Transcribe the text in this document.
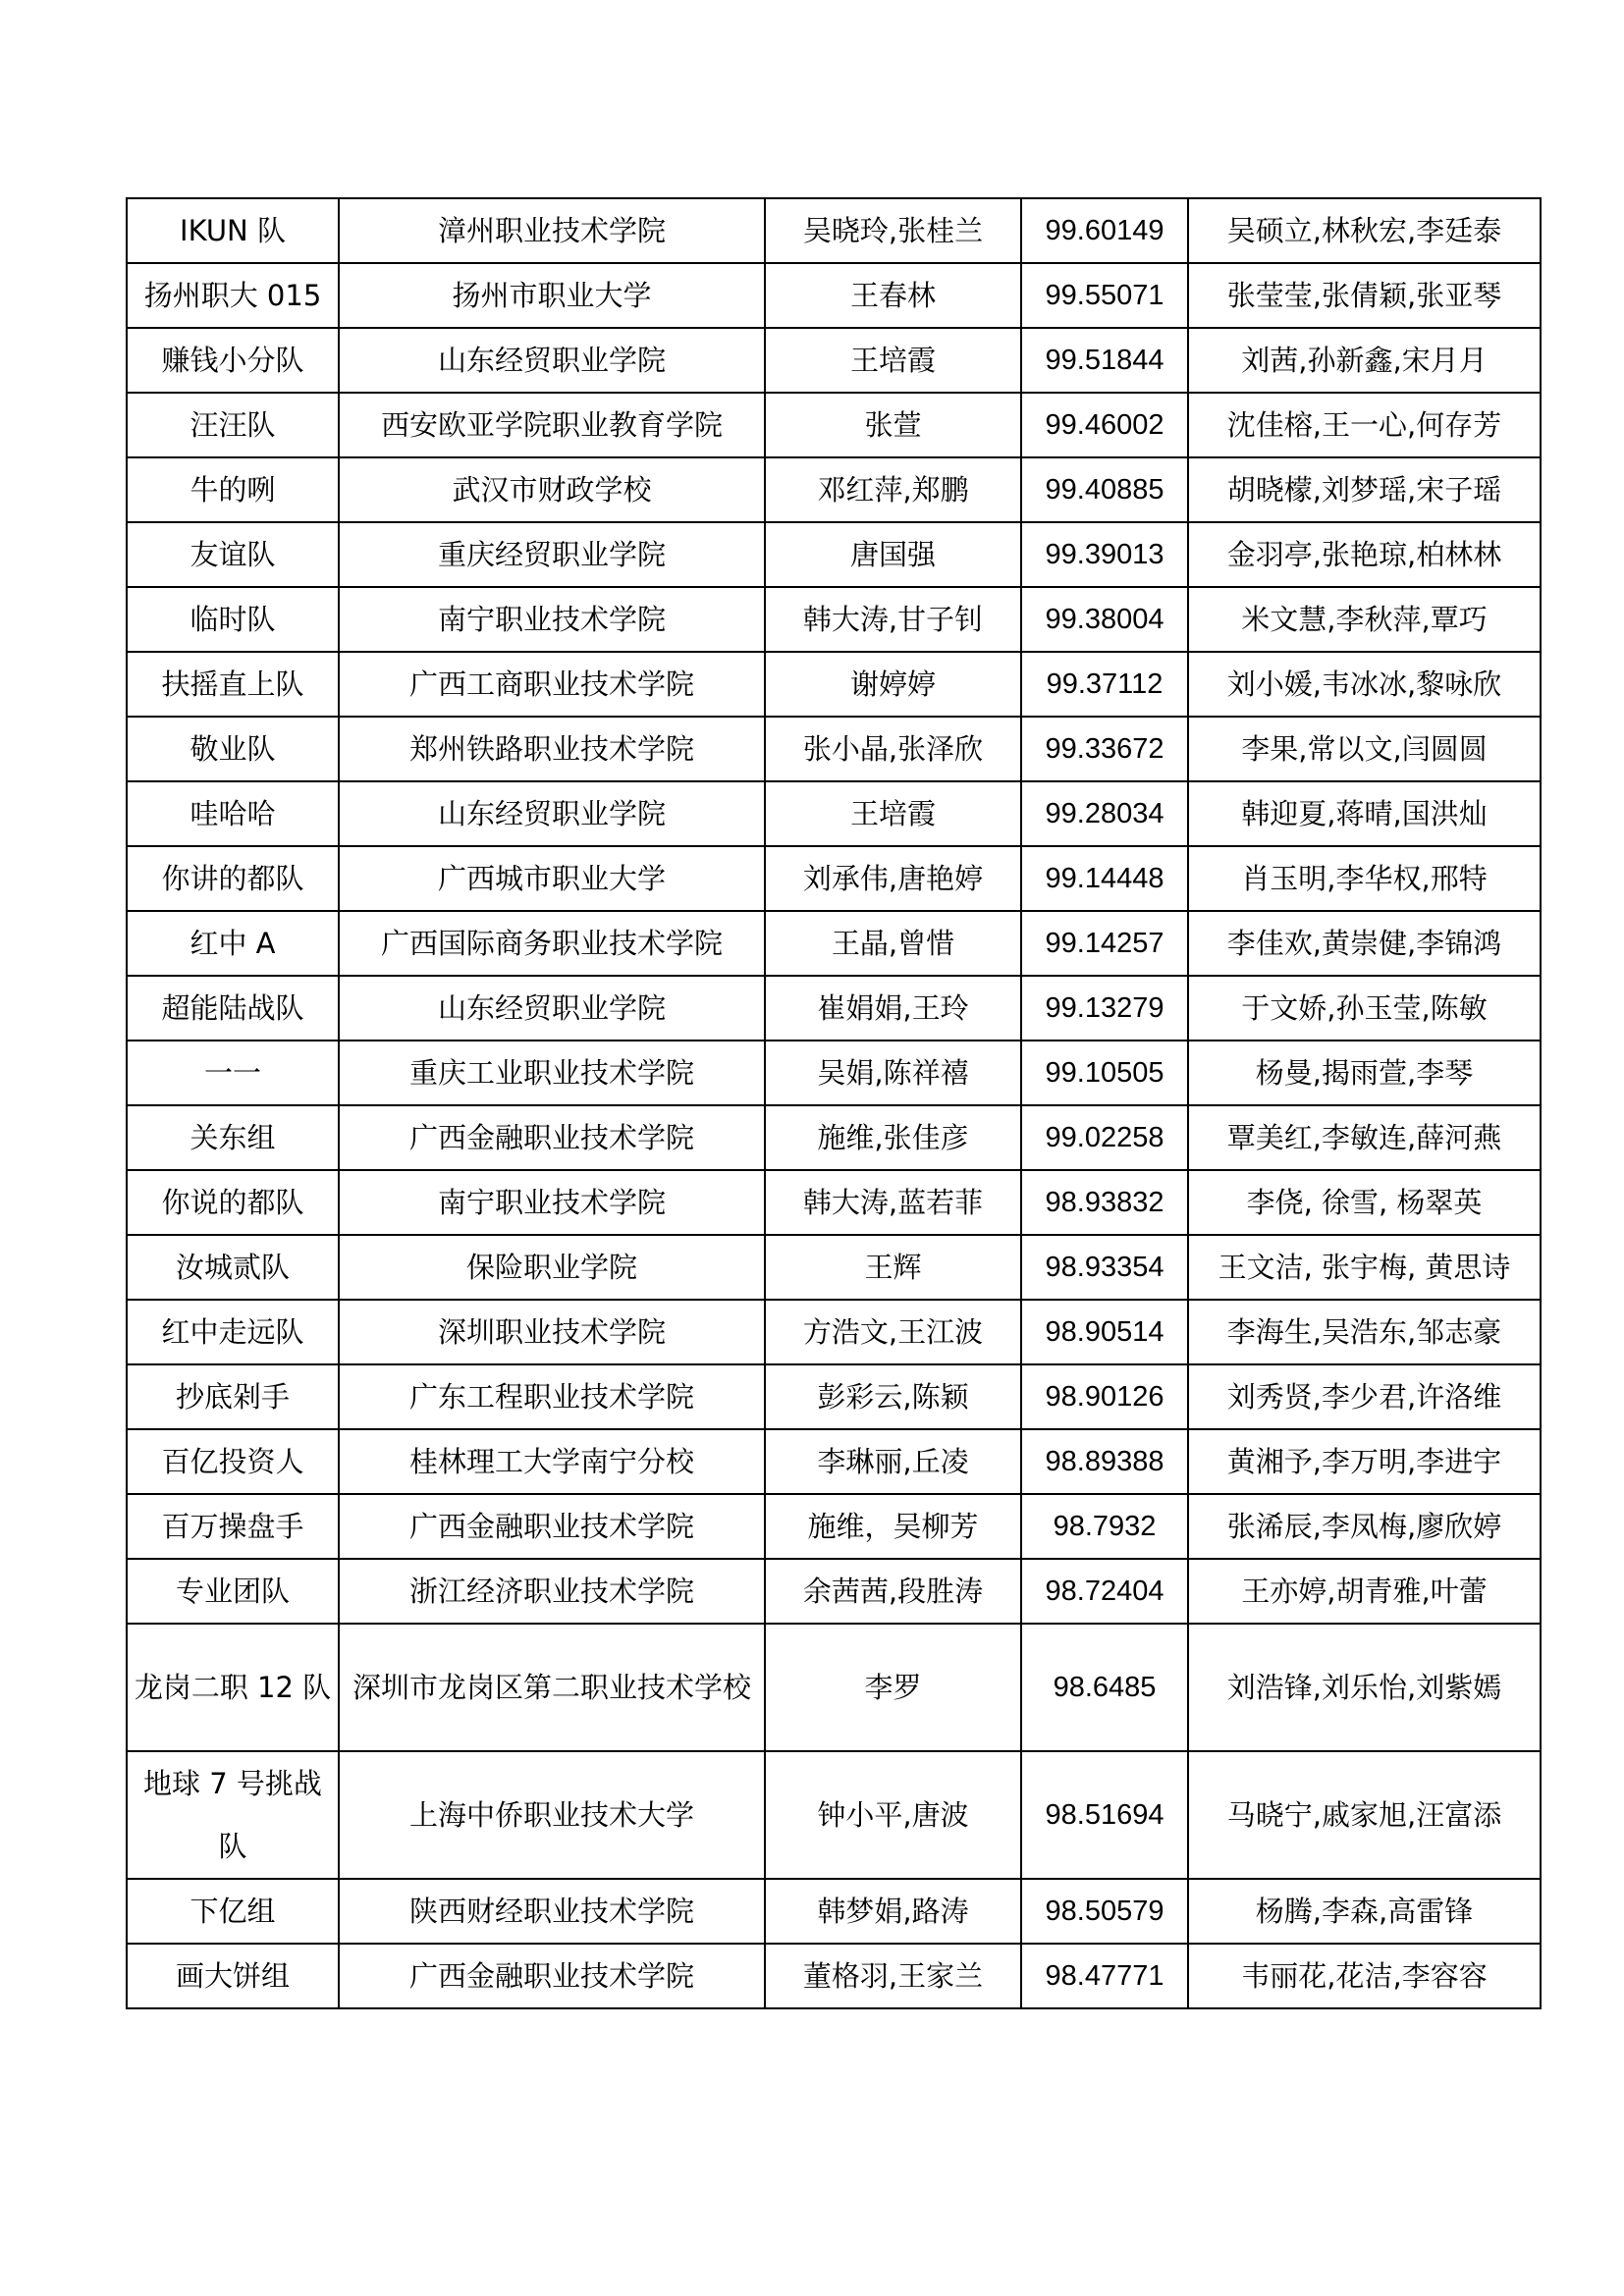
IKUN 队	漳州职业技术学院	吴晓玲,张桂兰	99.60149	吴硕立,林秋宏,李廷泰
扬州职大 015	扬州市职业大学	王春林	99.55071	张莹莹,张倩颖,张亚琴
赚钱小分队	山东经贸职业学院	王培霞	99.51844	刘茜,孙新鑫,宋月月
汪汪队	西安欧亚学院职业教育学院	张萱	99.46002	沈佳榕,王一心,何存芳
牛的咧	武汉市财政学校	邓红萍,郑鹏	99.40885	胡晓檬,刘梦瑶,宋子瑶
友谊队	重庆经贸职业学院	唐国强	99.39013	金羽亭,张艳琼,柏林林
临时队	南宁职业技术学院	韩大涛,甘子钊	99.38004	米文慧,李秋萍,覃巧
扶摇直上队	广西工商职业技术学院	谢婷婷	99.37112	刘小媛,韦冰冰,黎咏欣
敬业队	郑州铁路职业技术学院	张小晶,张泽欣	99.33672	李果,常以文,闫圆圆
哇哈哈	山东经贸职业学院	王培霞	99.28034	韩迎夏,蒋晴,国洪灿
你讲的都队	广西城市职业大学	刘承伟,唐艳婷	99.14448	肖玉明,李华权,邢特
红中 A	广西国际商务职业技术学院	王晶,曾惜	99.14257	李佳欢,黄崇健,李锦鸿
超能陆战队	山东经贸职业学院	崔娟娟,王玲	99.13279	于文娇,孙玉莹,陈敏
一一	重庆工业职业技术学院	吴娟,陈祥禧	99.10505	杨曼,揭雨萱,李琴
关东组	广西金融职业技术学院	施维,张佳彦	99.02258	覃美红,李敏连,薛河燕
你说的都队	南宁职业技术学院	韩大涛,蓝若菲	98.93832	李侥, 徐雪, 杨翠英
汝城贰队	保险职业学院	王辉	98.93354	王文洁, 张宇梅, 黄思诗
红中走远队	深圳职业技术学院	方浩文,王江波	98.90514	李海生,吴浩东,邹志豪
抄底剁手	广东工程职业技术学院	彭彩云,陈颖	98.90126	刘秀贤,李少君,许洛维
百亿投资人	桂林理工大学南宁分校	李琳丽,丘凌	98.89388	黄湘予,李万明,李进宇
百万操盘手	广西金融职业技术学院	施维，吴柳芳	98.7932	张浠辰,李凤梅,廖欣婷
专业团队	浙江经济职业技术学院	余茜茜,段胜涛	98.72404	王亦婷,胡青雅,叶蕾
龙岗二职 12 队	深圳市龙岗区第二职业技术学校	李罗	98.6485	刘浩锋,刘乐怡,刘紫嫣
地球 7 号挑战队	上海中侨职业技术大学	钟小平,唐波	98.51694	马晓宁,戚家旭,汪富添
下亿组	陕西财经职业技术学院	韩梦娟,路涛	98.50579	杨腾,李森,高雷锋
画大饼组	广西金融职业技术学院	董格羽,王家兰	98.47771	韦丽花,花洁,李容容
